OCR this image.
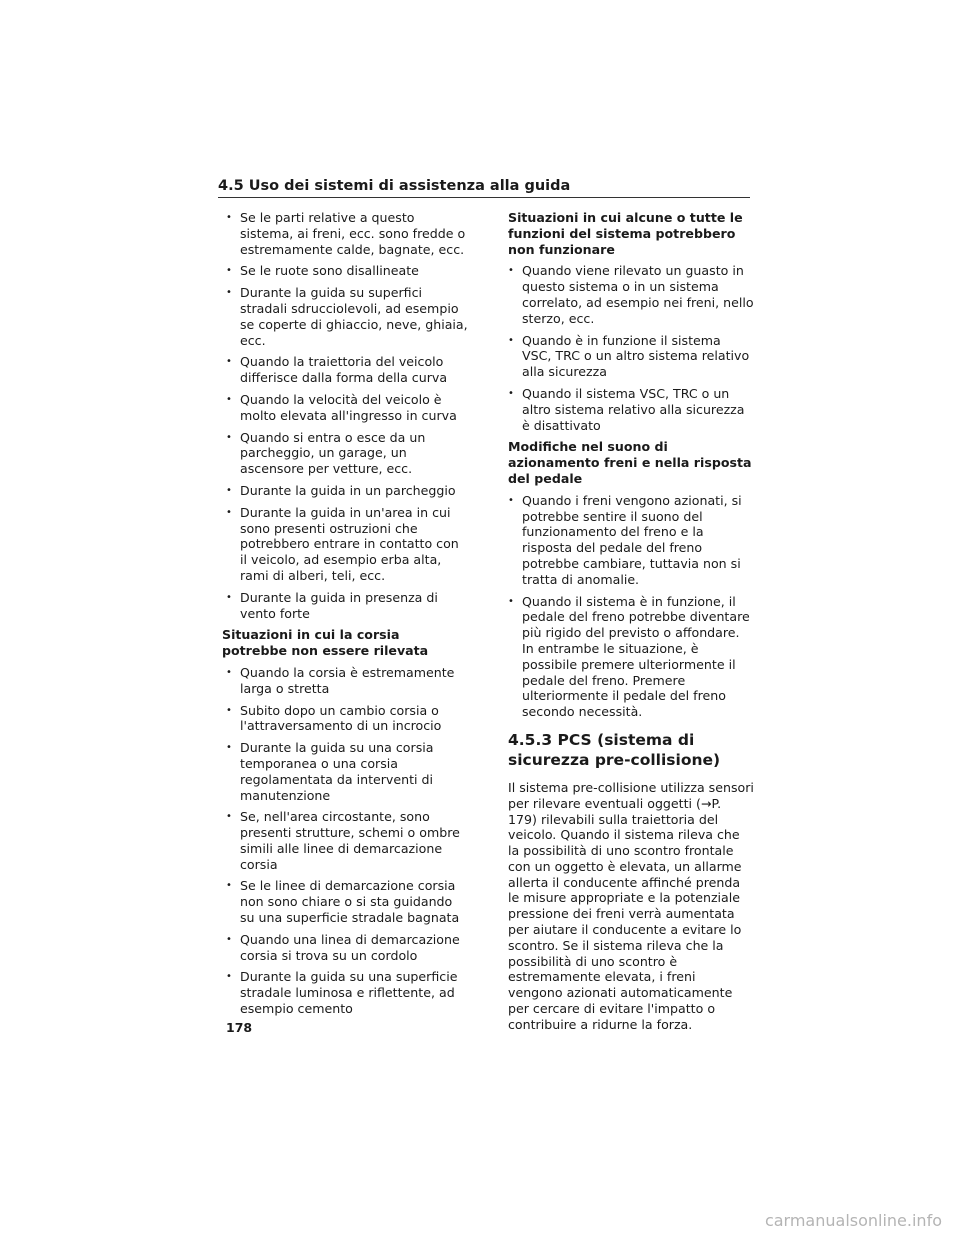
4.5 Uso dei sistemi di assistenza alla guida
• Se le parti relative a questo sistema, ai freni, ecc. sono fredde o estremamente calde, bagnate, ecc.
• Se le ruote sono disallineate
• Durante la guida su superfici stradali sdrucciolevoli, ad esempio se coperte di ghiaccio, neve, ghiaia, ecc.
• Quando la traiettoria del veicolo differisce dalla forma della curva
• Quando la velocità del veicolo è molto elevata all'ingresso in curva
• Quando si entra o esce da un parcheggio, un garage, un ascensore per vetture, ecc.
• Durante la guida in un parcheggio
• Durante la guida in un'area in cui sono presenti ostruzioni che potrebbero entrare in contatto con il veicolo, ad esempio erba alta, rami di alberi, teli, ecc.
• Durante la guida in presenza di vento forte
Situazioni in cui la corsia potrebbe non essere rilevata
• Quando la corsia è estremamente larga o stretta
• Subito dopo un cambio corsia o l'attraversamento di un incrocio
• Durante la guida su una corsia temporanea o una corsia regolamentata da interventi di manutenzione
• Se, nell'area circostante, sono presenti strutture, schemi o ombre simili alle linee di demarcazione corsia
• Se le linee di demarcazione corsia non sono chiare o si sta guidando su una superficie stradale bagnata
• Quando una linea di demarcazione corsia si trova su un cordolo
• Durante la guida su una superficie stradale luminosa e riflettente, ad esempio cemento
Situazioni in cui alcune o tutte le funzioni del sistema potrebbero non funzionare
• Quando viene rilevato un guasto in questo sistema o in un sistema correlato, ad esempio nei freni, nello sterzo, ecc.
• Quando è in funzione il sistema VSC, TRC o un altro sistema relativo alla sicurezza
• Quando il sistema VSC, TRC o un altro sistema relativo alla sicurezza è disattivato
Modifiche nel suono di azionamento freni e nella risposta del pedale
• Quando i freni vengono azionati, si potrebbe sentire il suono del funzionamento del freno e la risposta del pedale del freno potrebbe cambiare, tuttavia non si tratta di anomalie.
• Quando il sistema è in funzione, il pedale del freno potrebbe diventare più rigido del previsto o affondare. In entrambe le situazione, è possibile premere ulteriormente il pedale del freno. Premere ulteriormente il pedale del freno secondo necessità.
4.5.3 PCS (sistema di sicurezza pre-collisione)

Il sistema pre-collisione utilizza sensori per rilevare eventuali oggetti (→P. 179) rilevabili sulla traiettoria del veicolo. Quando il sistema rileva che la possibilità di uno scontro frontale con un oggetto è elevata, un allarme allerta il conducente affinché prenda le misure appropriate e la potenziale pressione dei freni verrà aumentata per aiutare il conducente a evitare lo scontro. Se il sistema rileva che la possibilità di uno scontro è estremamente elevata, i freni vengono azionati automaticamente per cercare di evitare l'impatto o contribuire a ridurne la forza.

178
carmanualsonline.info
